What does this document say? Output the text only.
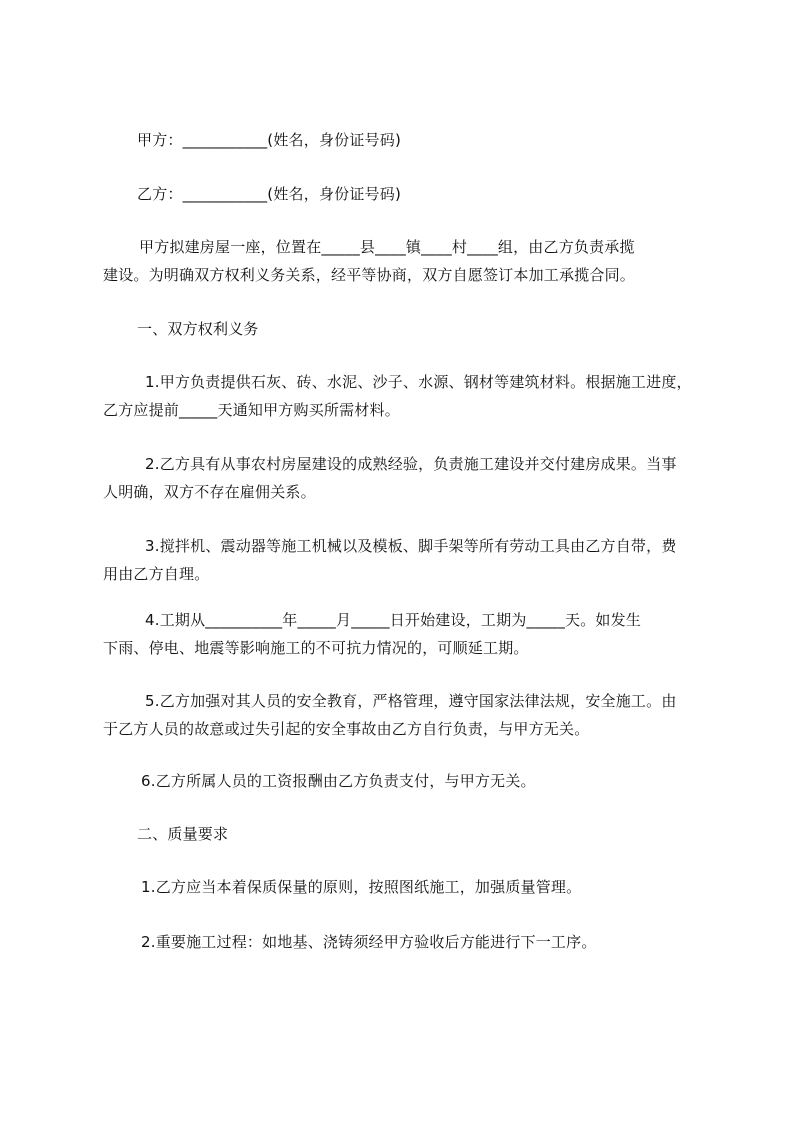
甲方：___________(姓名，身份证号码)
乙方：___________(姓名，身份证号码)
甲方拟建房屋一座，位置在_____县____镇____村____组，由乙方负责承揽
建设。为明确双方权利义务关系，经平等协商，双方自愿签订本加工承揽合同。
一、双方权利义务
1.甲方负责提供石灰、砖、水泥、沙子、水源、钢材等建筑材料。根据施工进度，
乙方应提前_____天通知甲方购买所需材料。
2.乙方具有从事农村房屋建设的成熟经验，负责施工建设并交付建房成果。当事
人明确，双方不存在雇佣关系。
3.搅拌机、震动器等施工机械以及模板、脚手架等所有劳动工具由乙方自带，费
用由乙方自理。
4.工期从__________年_____月_____日开始建设，工期为_____天。如发生
下雨、停电、地震等影响施工的不可抗力情况的，可顺延工期。
5.乙方加强对其人员的安全教育，严格管理，遵守国家法律法规，安全施工。由
于乙方人员的故意或过失引起的安全事故由乙方自行负责，与甲方无关。
6.乙方所属人员的工资报酬由乙方负责支付，与甲方无关。
二、质量要求
1.乙方应当本着保质保量的原则，按照图纸施工，加强质量管理。
2.重要施工过程：如地基、浇铸须经甲方验收后方能进行下一工序。
